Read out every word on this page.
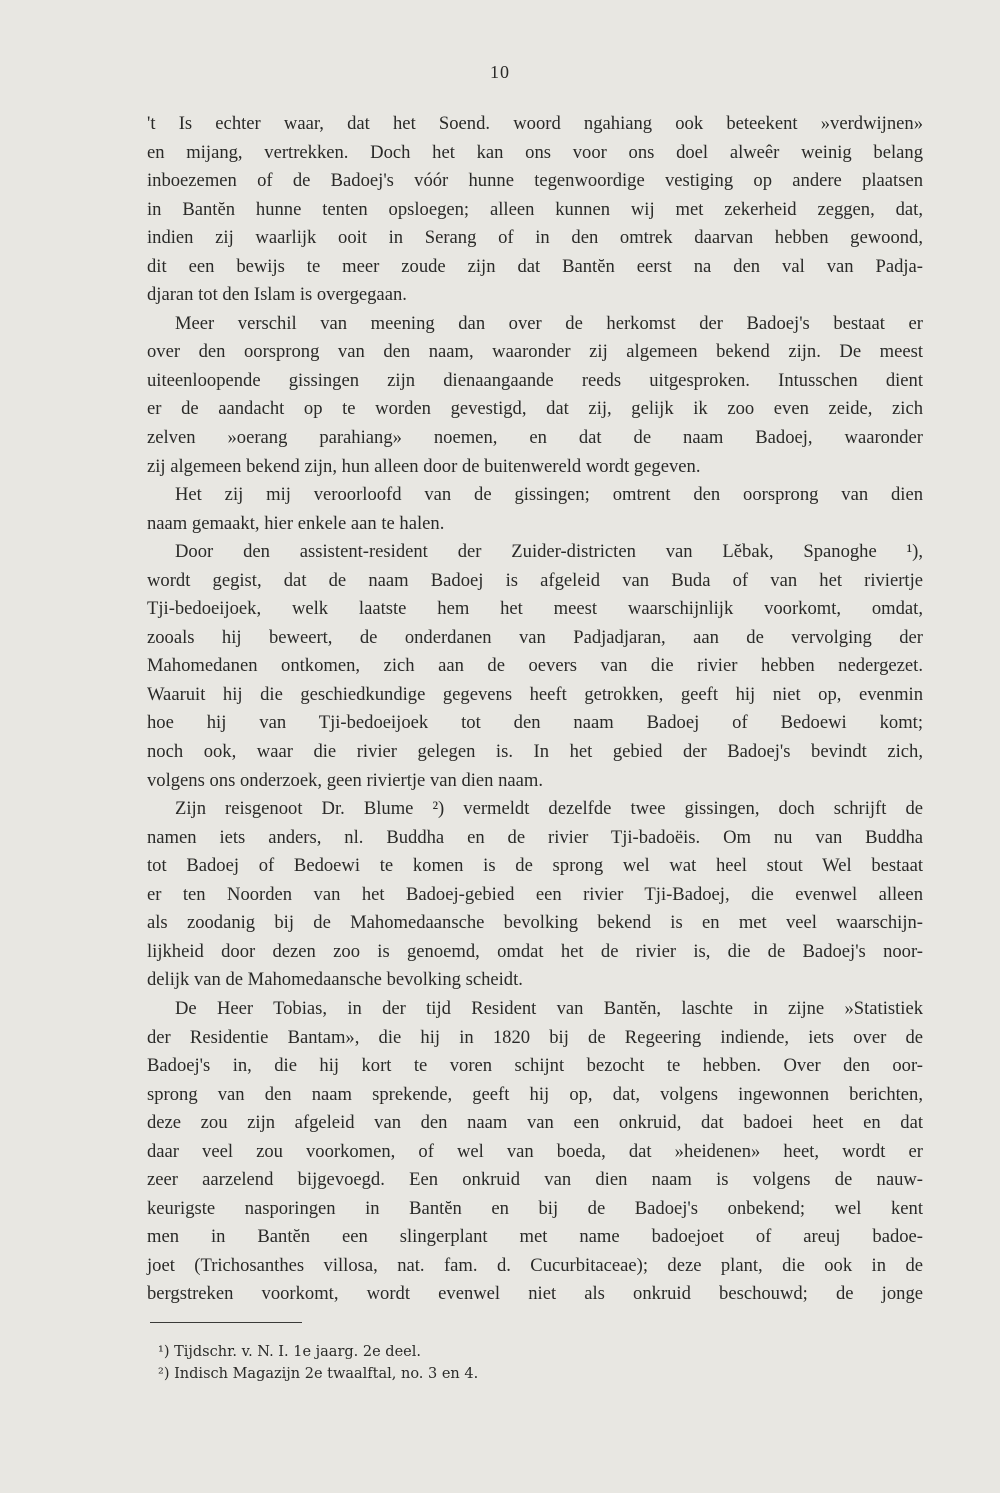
10
't Is echter waar, dat het Soend. woord ngahiang ook beteekent »verdwijnen»
en mijang, vertrekken. Doch het kan ons voor ons doel alweêr weinig belang
inboezemen of de Badoej's vóór hunne tegenwoordige vestiging op andere plaatsen
in Bantĕn hunne tenten opsloegen; alleen kunnen wij met zekerheid zeggen, dat,
indien zij waarlijk ooit in Serang of in den omtrek daarvan hebben gewoond,
dit een bewijs te meer zoude zijn dat Bantĕn eerst na den val van Padja-
djaran tot den Islam is overgegaan.
Meer verschil van meening dan over de herkomst der Badoej's bestaat er
over den oorsprong van den naam, waaronder zij algemeen bekend zijn. De meest
uiteenloopende gissingen zijn dienaangaande reeds uitgesproken. Intusschen dient
er de aandacht op te worden gevestigd, dat zij, gelijk ik zoo even zeide, zich
zelven »oerang parahiang» noemen, en dat de naam Badoej, waaronder
zij algemeen bekend zijn, hun alleen door de buitenwereld wordt gegeven.
Het zij mij veroorloofd van de gissingen; omtrent den oorsprong van dien
naam gemaakt, hier enkele aan te halen.
Door den assistent-resident der Zuider-districten van Lĕbak, Spanoghe ¹),
wordt gegist, dat de naam Badoej is afgeleid van Buda of van het riviertje
Tji-bedoeijoek, welk laatste hem het meest waarschijnlijk voorkomt, omdat,
zooals hij beweert, de onderdanen van Padjadjaran, aan de vervolging der
Mahomedanen ontkomen, zich aan de oevers van die rivier hebben nedergezet.
Waaruit hij die geschiedkundige gegevens heeft getrokken, geeft hij niet op, evenmin
hoe hij van Tji-bedoeijoek tot den naam Badoej of Bedoewi komt;
noch ook, waar die rivier gelegen is. In het gebied der Badoej's bevindt zich,
volgens ons onderzoek, geen riviertje van dien naam.
Zijn reisgenoot Dr. Blume ²) vermeldt dezelfde twee gissingen, doch schrijft de
namen iets anders, nl. Buddha en de rivier Tji-badoëis. Om nu van Buddha
tot Badoej of Bedoewi te komen is de sprong wel wat heel stout Wel bestaat
er ten Noorden van het Badoej-gebied een rivier Tji-Badoej, die evenwel alleen
als zoodanig bij de Mahomedaansche bevolking bekend is en met veel waarschijn-
lijkheid door dezen zoo is genoemd, omdat het de rivier is, die de Badoej's noor-
delijk van de Mahomedaansche bevolking scheidt.
De Heer Tobias, in der tijd Resident van Bantĕn, laschte in zijne »Statistiek
der Residentie Bantam», die hij in 1820 bij de Regeering indiende, iets over de
Badoej's in, die hij kort te voren schijnt bezocht te hebben. Over den oor-
sprong van den naam sprekende, geeft hij op, dat, volgens ingewonnen berichten,
deze zou zijn afgeleid van den naam van een onkruid, dat badoei heet en dat
daar veel zou voorkomen, of wel van boeda, dat »heidenen» heet, wordt er
zeer aarzelend bijgevoegd. Een onkruid van dien naam is volgens de nauw-
keurigste nasporingen in Bantĕn en bij de Badoej's onbekend; wel kent
men in Bantĕn een slingerplant met name badoejoet of areuj badoe-
joet (Trichosanthes villosa, nat. fam. d. Cucurbitaceae); deze plant, die ook in de
bergstreken voorkomt, wordt evenwel niet als onkruid beschouwd; de jonge
¹) Tijdschr. v. N. I. 1e jaarg. 2e deel.
²) Indisch Magazijn 2e twaalftal, no. 3 en 4.
